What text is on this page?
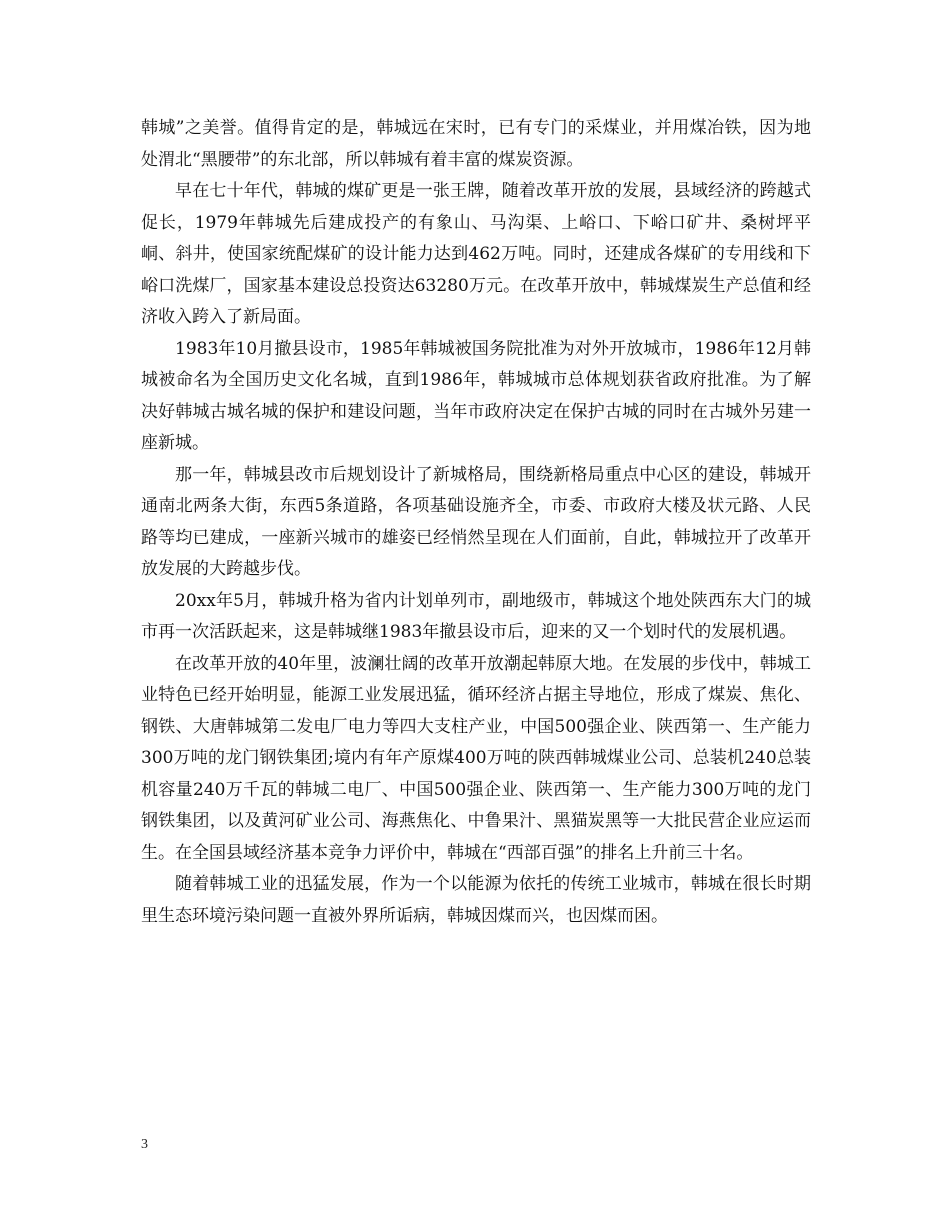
韩城”之美誉。值得肯定的是，韩城远在宋时，已有专门的采煤业，并用煤冶铁，因为地处渭北“黑腰带”的东北部，所以韩城有着丰富的煤炭资源。

早在七十年代，韩城的煤矿更是一张王牌，随着改革开放的发展，县域经济的跨越式促长，1979年韩城先后建成投产的有象山、马沟渠、上峪口、下峪口矿井、桑树坪平峒、斜井，使国家统配煤矿的设计能力达到462万吨。同时，还建成各煤矿的专用线和下峪口洗煤厂，国家基本建设总投资达63280万元。在改革开放中，韩城煤炭生产总值和经济收入跨入了新局面。

1983年10月撤县设市，1985年韩城被国务院批准为对外开放城市，1986年12月韩城被命名为全国历史文化名城，直到1986年，韩城城市总体规划获省政府批准。为了解决好韩城古城名城的保护和建设问题，当年市政府决定在保护古城的同时在古城外另建一座新城。

那一年，韩城县改市后规划设计了新城格局，围绕新格局重点中心区的建设，韩城开通南北两条大街，东西5条道路，各项基础设施齐全，市委、市政府大楼及状元路、人民路等均已建成，一座新兴城市的雄姿已经悄然呈现在人们面前，自此，韩城拉开了改革开放发展的大跨越步伐。

20xx年5月，韩城升格为省内计划单列市，副地级市，韩城这个地处陕西东大门的城市再一次活跃起来，这是韩城继1983年撤县设市后，迎来的又一个划时代的发展机遇。

在改革开放的40年里，波澜壮阔的改革开放潮起韩原大地。在发展的步伐中，韩城工业特色已经开始明显，能源工业发展迅猛，循环经济占据主导地位，形成了煤炭、焦化、钢铁、大唐韩城第二发电厂电力等四大支柱产业，中国500强企业、陕西第一、生产能力300万吨的龙门钢铁集团;境内有年产原煤400万吨的陕西韩城煤业公司、总装机240总装机容量240万千瓦的韩城二电厂、中国500强企业、陕西第一、生产能力300万吨的龙门钢铁集团，以及黄河矿业公司、海燕焦化、中鲁果汁、黑猫炭黑等一大批民营企业应运而生。在全国县域经济基本竞争力评价中，韩城在“西部百强”的排名上升前三十名。

随着韩城工业的迅猛发展，作为一个以能源为依托的传统工业城市，韩城在很长时期里生态环境污染问题一直被外界所诟病，韩城因煤而兴，也因煤而困。

3
